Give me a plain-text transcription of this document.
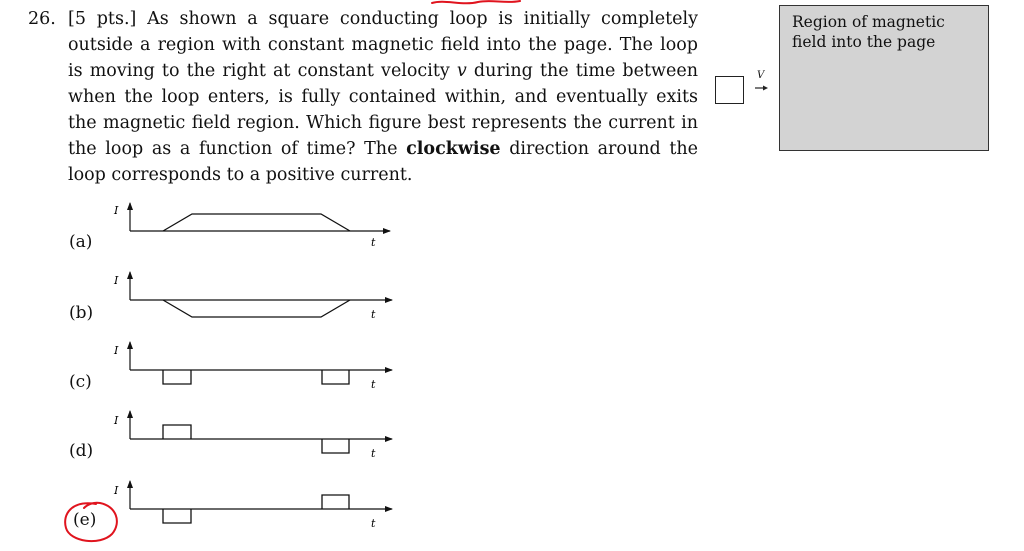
26. [5 pts.] As shown a square conducting loop is initially completely outside a region with constant magnetic field into the page. The loop is moving to the right at constant velocity v during the time between when the loop enters, is fully contained within, and eventually exits the magnetic field region. Which figure best represents the current in the loop as a function of time? The clockwise direction around the loop corresponds to a positive current.
V
Region of magnetic field into the page
(a)
(b)
(c)
(d)
(e)
I
t
I
t
I
t
I
t
I
t
